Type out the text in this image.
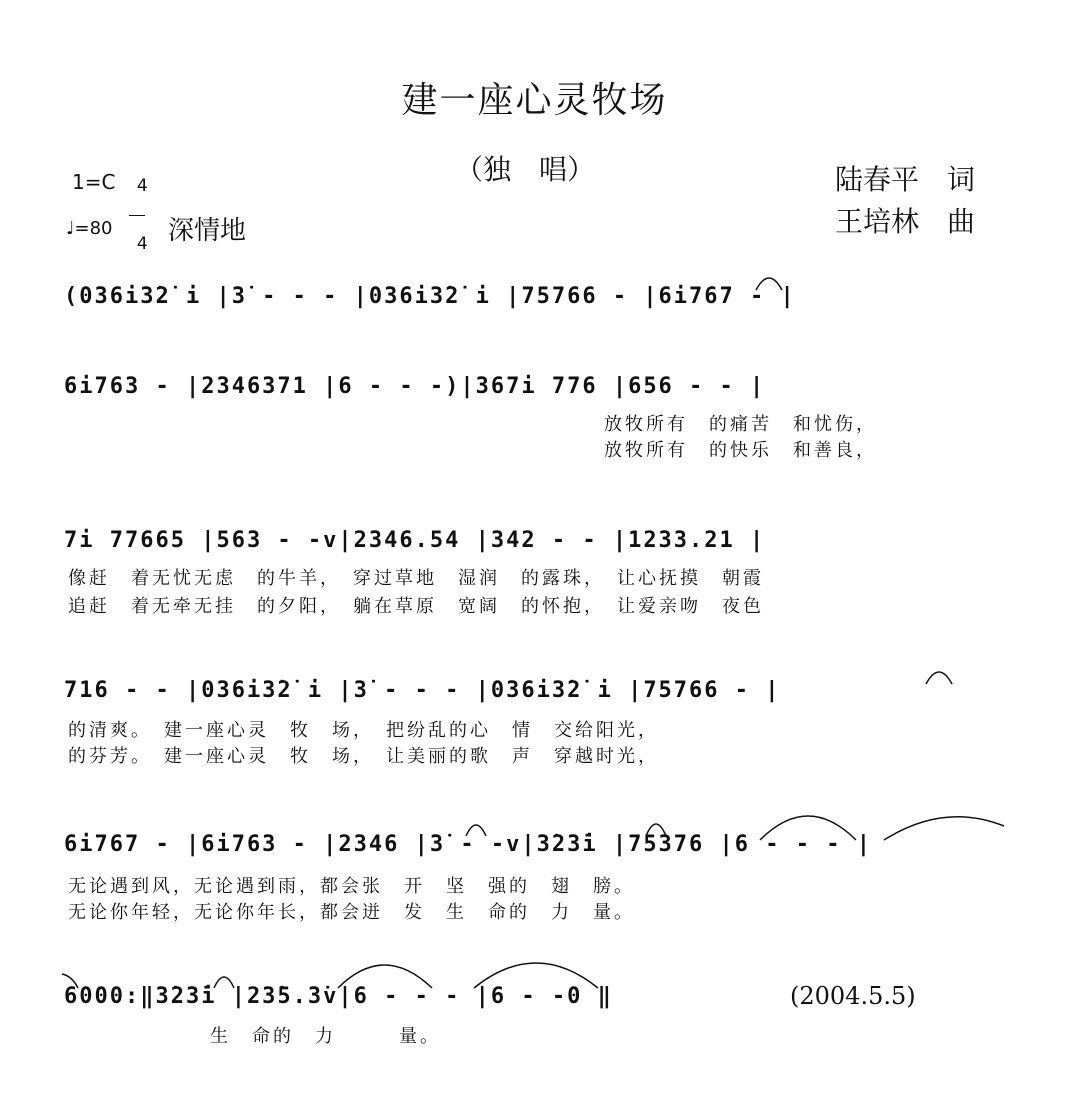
建一座心灵牧场
（独　唱）
1=C	4

4

♩=80 深情地
陆春平　词
王培林　曲
(036i3̇2̇ i |3̇ - - - |036i3̇2̇ i |75766 - |6i767 - |
6i763 - |2346371 |6 - - -)|367i 776 |656 - - |
放牧所有　的痛苦　和忧伤，
放牧所有　的快乐　和善良，
7i 77665 |563 - -v|2346.54 |342 - - |1233.21 |
像赶　着无忧无虑　的牛羊，　穿过草地　湿润　的露珠，　让心抚摸　朝霞
追赶　着无牵无挂　的夕阳，　躺在草原　宽阔　的怀抱，　让爱亲吻　夜色
716 - - |036i3̇2̇ i |3̇ - - - |036i3̇2̇ i |75766 - |
的清爽。　建一座心灵　牧　场，　把纷乱的心　情　交给阳光，
的芬芳。　建一座心灵　牧　场，　让美丽的歌　声　穿越时光，
6i767 - |6i763 - |2346 |3̇ - -v|3̇23̇i |75376 |6 - - - |
无论遇到风，无论遇到雨，都会张　开　坚　强的　翅　膀。
无论你年轻，无论你年长，都会迸　发　生　命的　力　量。
6000:‖3̇23̇i |23̇5.3̇v|6 - - - |6 - -0 ‖
生　命的　力　　　量。
(2004.5.5)
